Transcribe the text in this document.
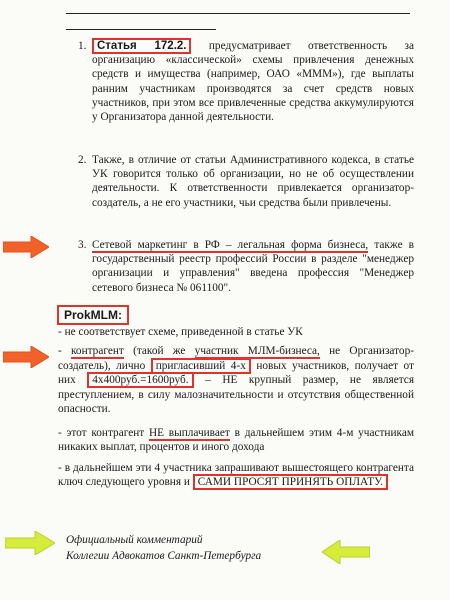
1. Статья 172.2. предусматривает ответственность за организацию «классической» схемы привлечения денежных средств и имущества (например, ОАО «МММ»), где выплаты ранним участникам производятся за счет средств новых участников, при этом все привлеченные средства аккумулируются у Организатора данной деятельности.
2. Также, в отличие от статьи Административного кодекса, в статье УК говорится только об организации, но не об осуществлении деятельности. К ответственности привлекается организатор-создатель, а не его участники, чьи средства были привлечены.
3. Сетевой маркетинг в РФ – легальная форма бизнеса, также в государственный реестр профессий России в разделе "менеджер организации и управления" введена профессия "Менеджер сетевого бизнеса № 061100".
ProkMLM:
- не соответствует схеме, приведенной в статье УК
- контрагент (такой же участник МЛМ-бизнеса, не Организатор-создатель), лично пригласивший 4-х новых участников, получает от них 4х400руб.=1600руб. – НЕ крупный размер, не является преступлением, в силу малозначительности и отсутствия общественной опасности.
- этот контрагент НЕ выплачивает в дальнейшем этим 4-м участникам никаких выплат, процентов и иного дохода
- в дальнейшем эти 4 участника запрашивают вышестоящего контрагента ключ следующего уровня и САМИ ПРОСЯТ ПРИНЯТЬ ОПЛАТУ.
Официальный комментарий
Коллегии Адвокатов Санкт-Петербурга
